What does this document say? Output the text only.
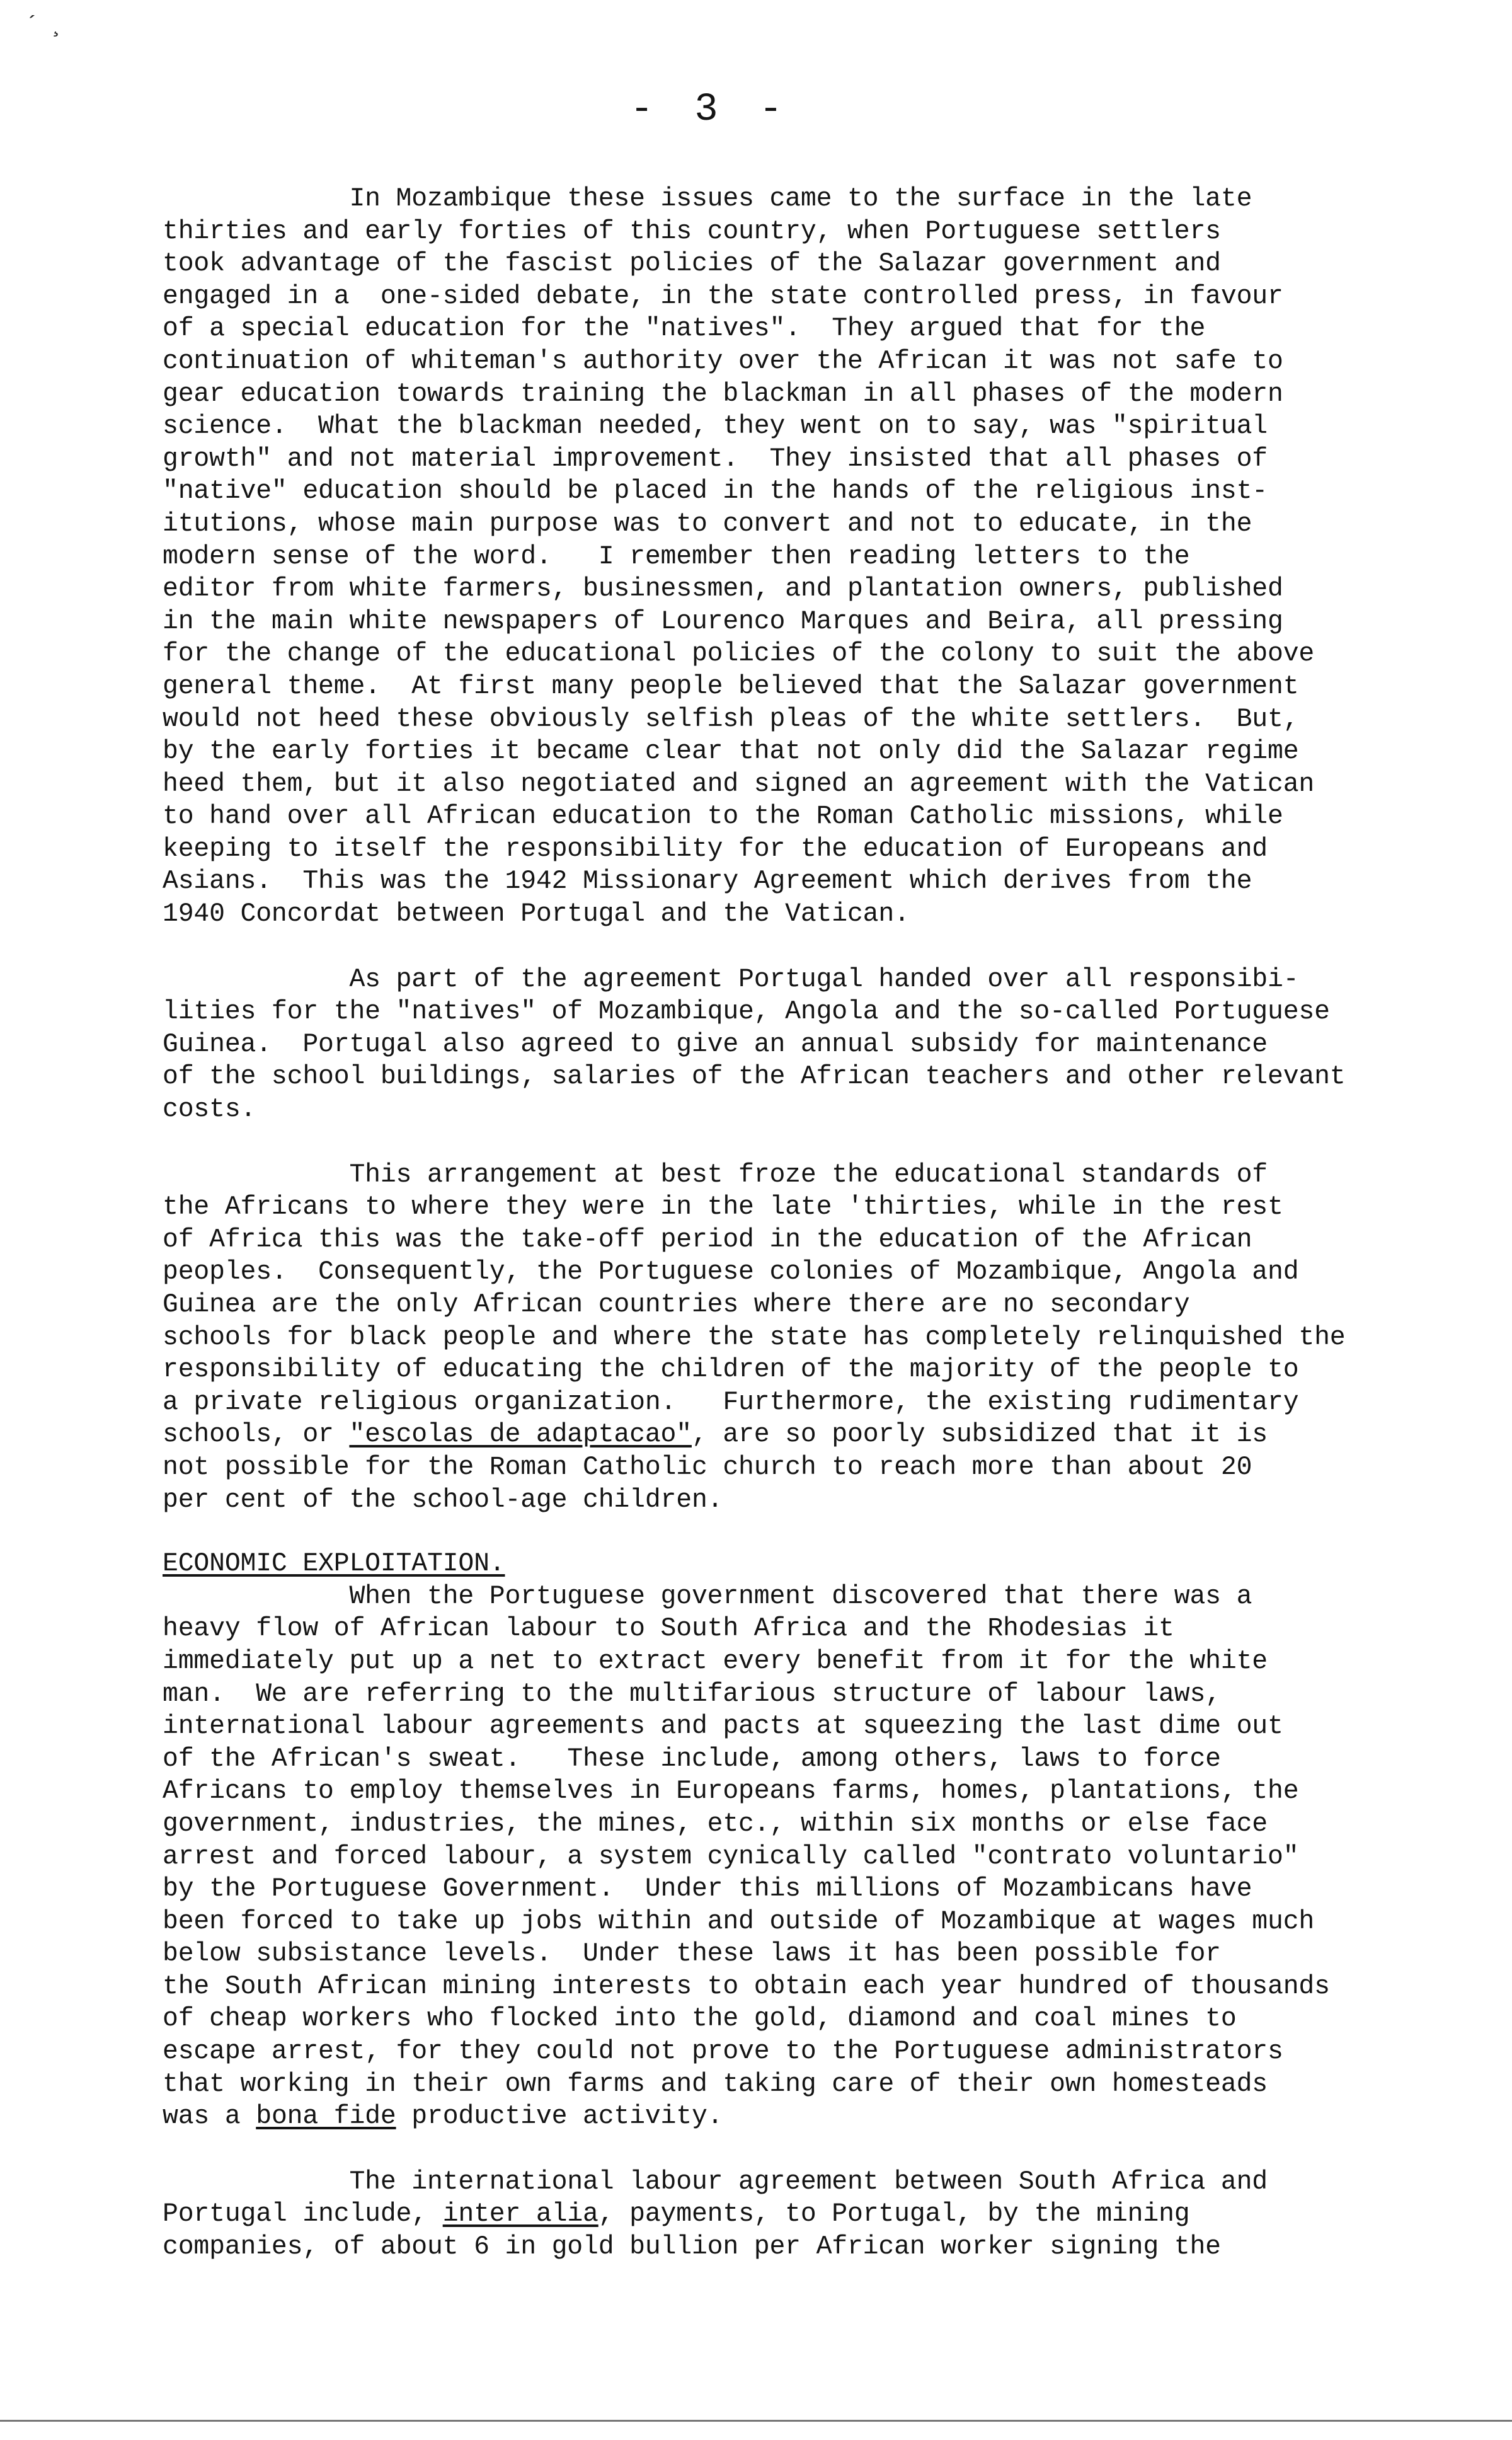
´ ¸
- 3 -

In Mozambique these issues came to the surface in the late

thirties and early forties of this country, when Portuguese settlers

took advantage of the fascist policies of the Salazar government and

engaged in a  one-sided debate, in the state controlled press, in favour

of a special education for the "natives".  They argued that for the

continuation of whiteman's authority over the African it was not safe to

gear education towards training the blackman in all phases of the modern

science.  What the blackman needed, they went on to say, was "spiritual

growth" and not material improvement.  They insisted that all phases of

"native" education should be placed in the hands of the religious inst-

itutions, whose main purpose was to convert and not to educate, in the

modern sense of the word.   I remember then reading letters to the

editor from white farmers, businessmen, and plantation owners, published

in the main white newspapers of Lourenco Marques and Beira, all pressing

for the change of the educational policies of the colony to suit the above

general theme.  At first many people believed that the Salazar government

would not heed these obviously selfish pleas of the white settlers.  But,

by the early forties it became clear that not only did the Salazar regime

heed them, but it also negotiated and signed an agreement with the Vatican

to hand over all African education to the Roman Catholic missions, while

keeping to itself the responsibility for the education of Europeans and

Asians.  This was the 1942 Missionary Agreement which derives from the

1940 Concordat between Portugal and the Vatican.

As part of the agreement Portugal handed over all responsibi-

lities for the "natives" of Mozambique, Angola and the so-called Portuguese

Guinea.  Portugal also agreed to give an annual subsidy for maintenance

of the school buildings, salaries of the African teachers and other relevant

costs.

This arrangement at best froze the educational standards of

the Africans to where they were in the late 'thirties, while in the rest

of Africa this was the take-off period in the education of the African

peoples.  Consequently, the Portuguese colonies of Mozambique, Angola and

Guinea are the only African countries where there are no secondary

schools for black people and where the state has completely relinquished the

responsibility of educating the children of the majority of the people to

a private religious organization.   Furthermore, the existing rudimentary

schools, or "escolas de adaptacao", are so poorly subsidized that it is

not possible for the Roman Catholic church to reach more than about 20

per cent of the school-age children.

ECONOMIC EXPLOITATION.

When the Portuguese government discovered that there was a

heavy flow of African labour to South Africa and the Rhodesias it

immediately put up a net to extract every benefit from it for the white

man.  We are referring to the multifarious structure of labour laws,

international labour agreements and pacts at squeezing the last dime out

of the African's sweat.   These include, among others, laws to force

Africans to employ themselves in Europeans farms, homes, plantations, the

government, industries, the mines, etc., within six months or else face

arrest and forced labour, a system cynically called "contrato voluntario"

by the Portuguese Government.  Under this millions of Mozambicans have

been forced to take up jobs within and outside of Mozambique at wages much

below subsistance levels.  Under these laws it has been possible for

the South African mining interests to obtain each year hundred of thousands

of cheap workers who flocked into the gold, diamond and coal mines to

escape arrest, for they could not prove to the Portuguese administrators

that working in their own farms and taking care of their own homesteads

was a bona fide productive activity.

The international labour agreement between South Africa and

Portugal include, inter alia, payments, to Portugal, by the mining

companies, of about 6 in gold bullion per African worker signing the
